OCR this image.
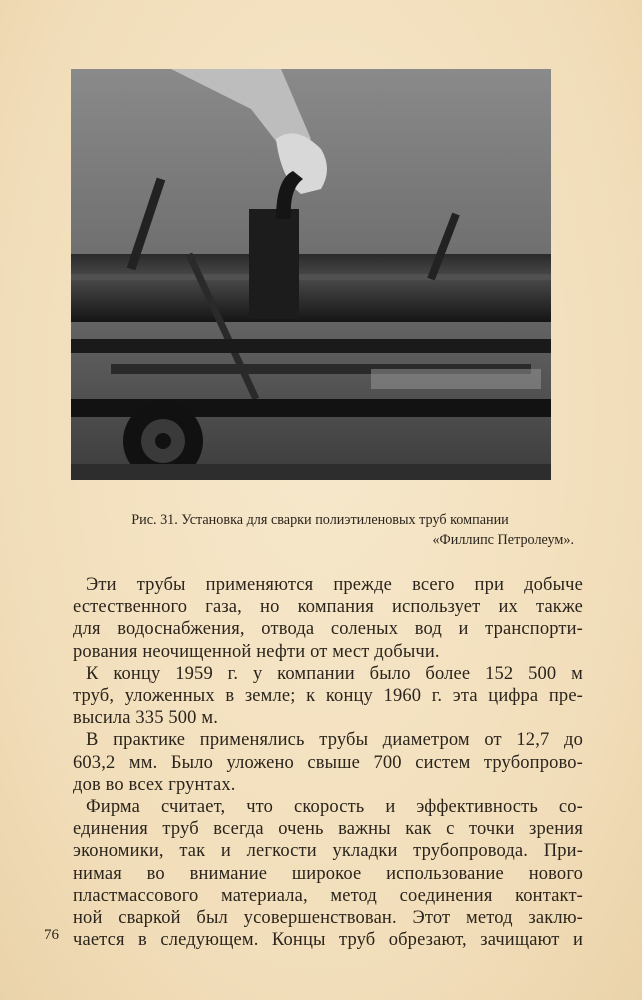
Рис. 31. Установка для сварки полиэтиленовых труб компании
«Филлипс Петролеум».
Эти трубы применяются прежде всего при добыче
естественного газа, но компания использует их также
для водоснабжения, отвода соленых вод и транспорти-
рования неочищенной нефти от мест добычи.
К концу 1959 г. у компании было более 152 500 м
труб, уложенных в земле; к концу 1960 г. эта цифра пре-
высила 335 500 м.
В практике применялись трубы диаметром от 12,7 до
603,2 мм. Было уложено свыше 700 систем трубопрово-
дов во всех грунтах.
Фирма считает, что скорость и эффективность со-
единения труб всегда очень важны как с точки зрения
экономики, так и легкости укладки трубопровода. При-
нимая во внимание широкое использование нового
пластмассового материала, метод соединения контакт-
ной сваркой был усовершенствован. Этот метод заклю-
чается в следующем. Концы труб обрезают, зачищают и
76
